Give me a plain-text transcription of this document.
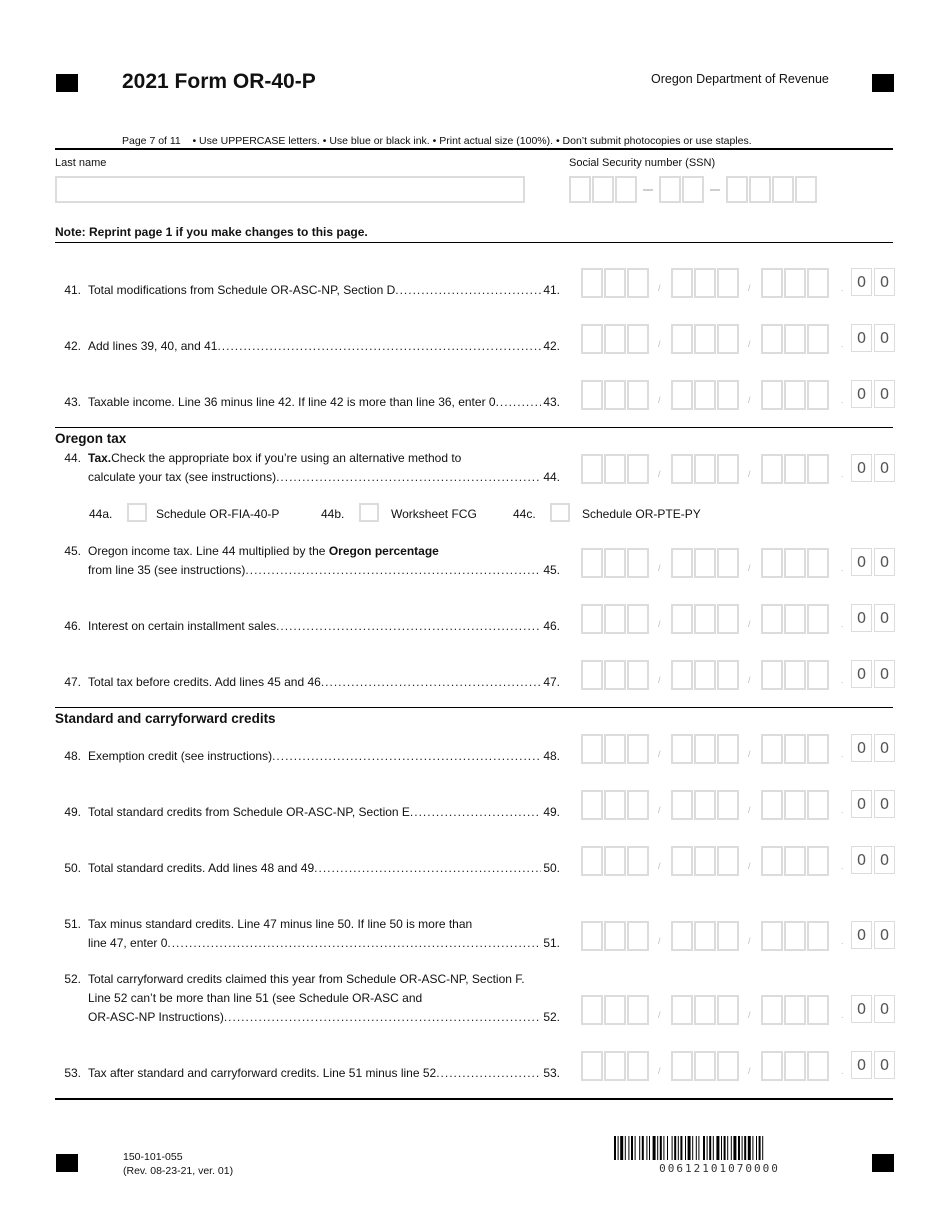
2021 Form OR-40-P	Oregon Department of Revenue
Page 7 of 11 • Use UPPERCASE letters. • Use blue or black ink. • Print actual size (100%). • Don’t submit photocopies or use staples.
Last name	Social Security number (SSN)
Note: Reprint page 1 if you make changes to this page.
41. Total modifications from Schedule OR-ASC-NP, Section D .....	41.	/	/	. 0 0
42. Add lines 39, 40, and 41 .....	42.	/	/	. 0 0
43. Taxable income. Line 36 minus line 42. If line 42 is more than line 36, enter 0 .....	43.	/	/	. 0 0
Oregon tax
44. Tax. Check the appropriate box if you’re using an alternative method to
calculate your tax (see instructions) .....	44.	/	/	. 0 0
44a.	Schedule OR-FIA-40-P	44b.	Worksheet FCG	44c.	Schedule OR-PTE-PY
45. Oregon income tax. Line 44 multiplied by the Oregon percentage
from line 35 (see instructions) .....	45.	/	/	. 0 0
46. Interest on certain installment sales .....	46.	/	/	. 0 0
47. Total tax before credits. Add lines 45 and 46 .....	47.	/	/	. 0 0
Standard and carryforward credits
48. Exemption credit (see instructions) .....	48.	/	/	. 0 0
49. Total standard credits from Schedule OR-ASC-NP, Section E .....	49.	/	/	. 0 0
50. Total standard credits. Add lines 48 and 49 .....	50.	/	/	. 0 0
51. Tax minus standard credits. Line 47 minus line 50. If line 50 is more than
line 47, enter 0 .....	51.	/	/	. 0 0
52. Total carryforward credits claimed this year from Schedule OR-ASC-NP, Section F.
Line 52 can’t be more than line 51 (see Schedule OR-ASC and
OR-ASC-NP Instructions) .....	52.	/	/	. 0 0
53. Tax after standard and carryforward credits. Line 51 minus line 52 .....	53.	/	/	. 0 0
150-101-055
(Rev. 08-23-21, ver. 01)	00612101070000
